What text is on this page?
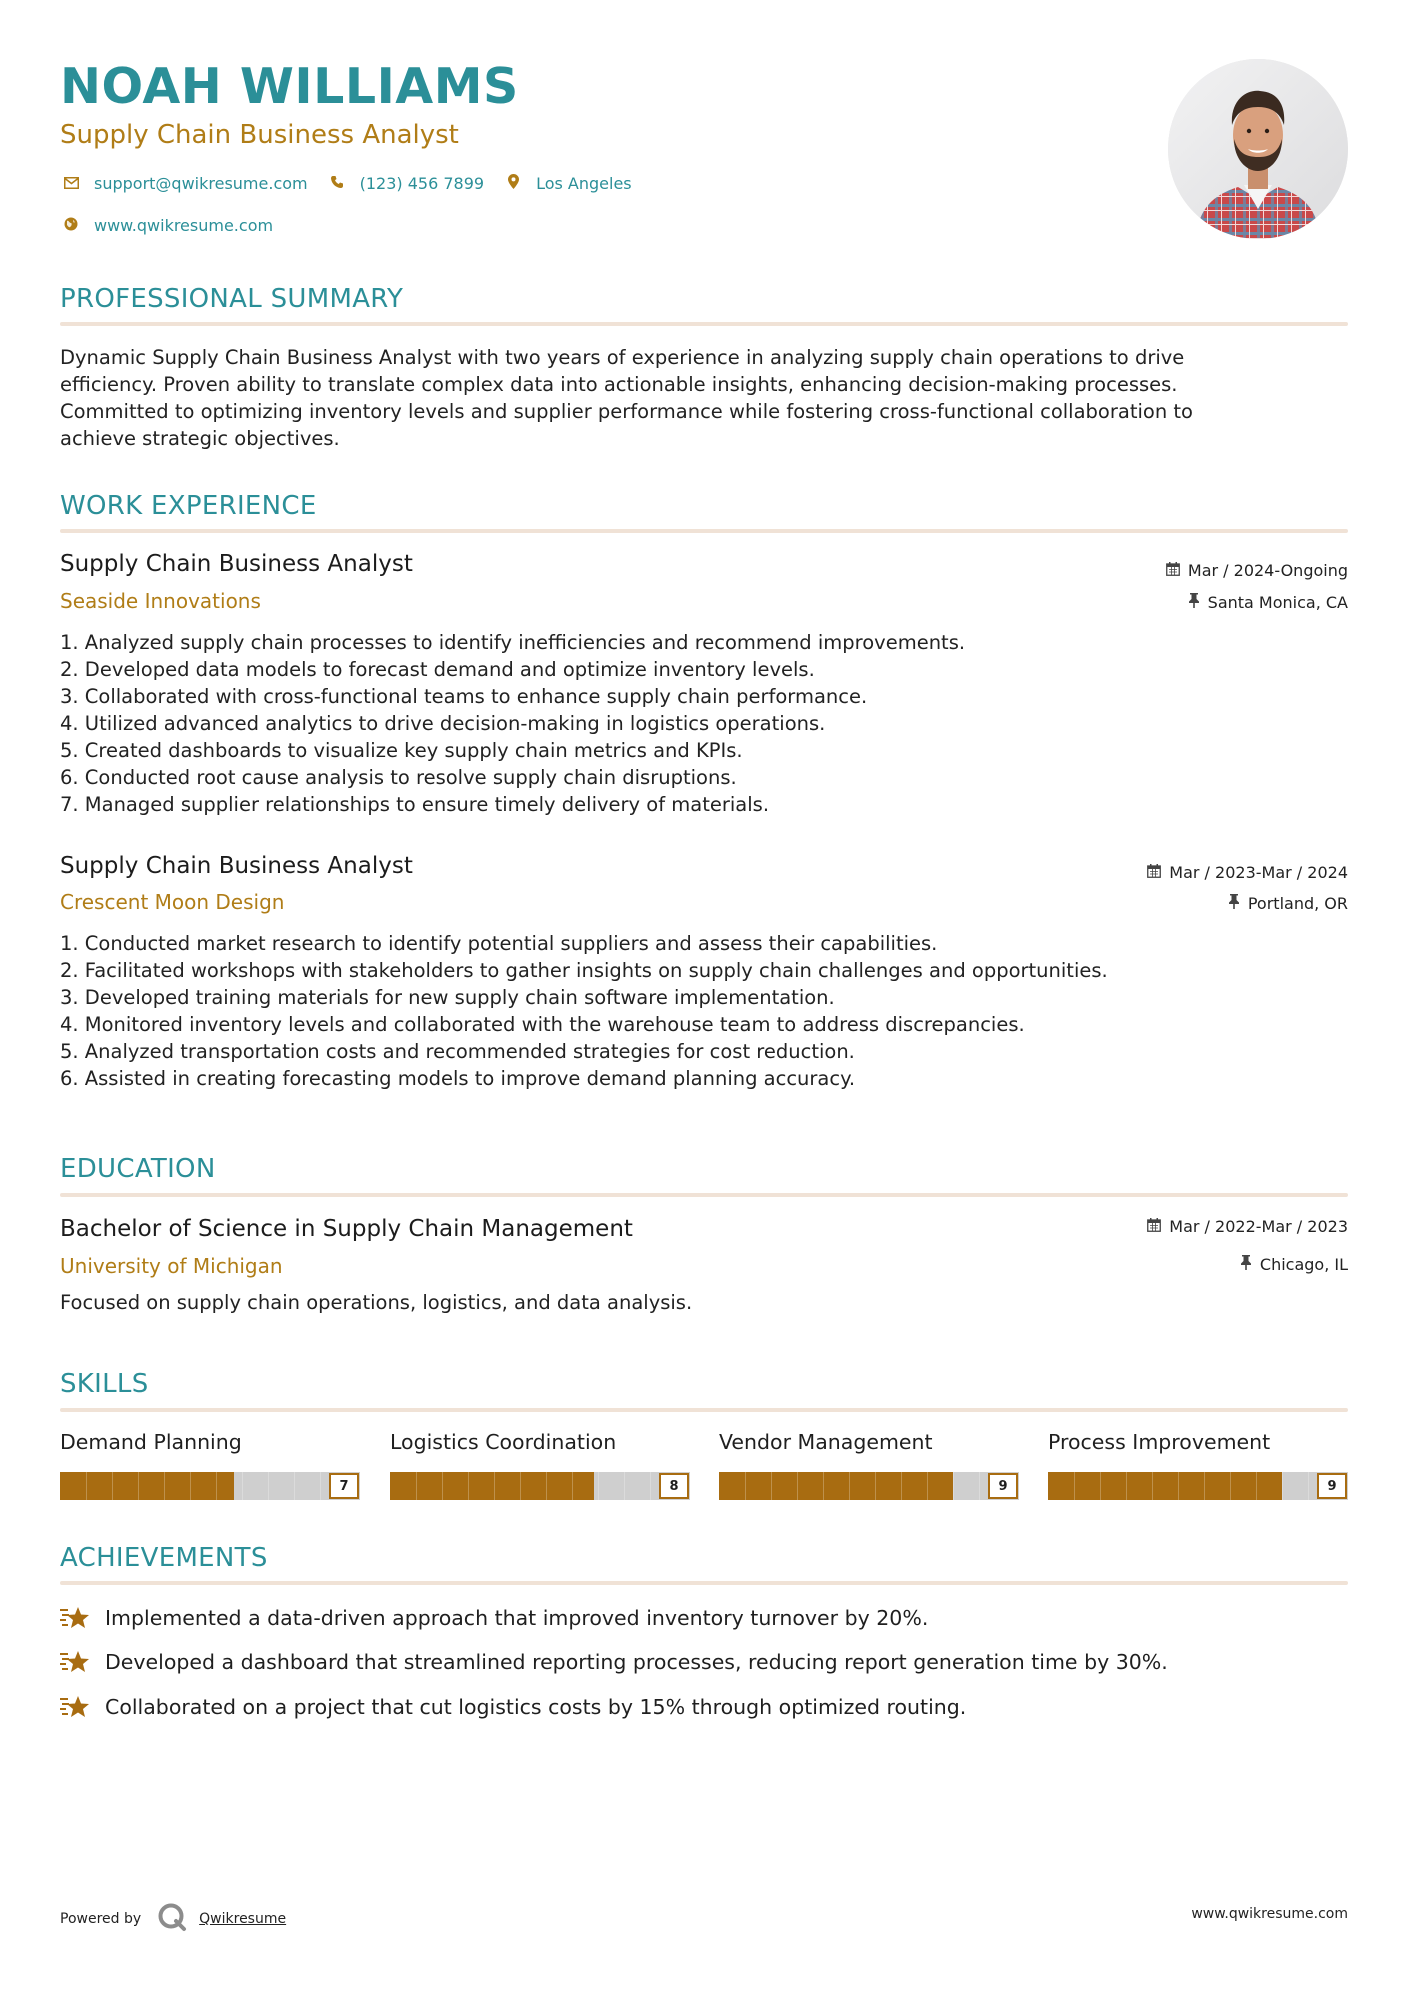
NOAH WILLIAMS
Supply Chain Business Analyst
support@qwikresume.com	(123) 456 7899	Los Angeles
www.qwikresume.com
PROFESSIONAL SUMMARY
Dynamic Supply Chain Business Analyst with two years of experience in analyzing supply chain operations to drive
efficiency. Proven ability to translate complex data into actionable insights, enhancing decision-making processes.
Committed to optimizing inventory levels and supplier performance while fostering cross-functional collaboration to
achieve strategic objectives.
WORK EXPERIENCE
Supply Chain Business Analyst
Seaside Innovations
Mar / 2024-Ongoing
Santa Monica, CA
1. Analyzed supply chain processes to identify inefficiencies and recommend improvements.
2. Developed data models to forecast demand and optimize inventory levels.
3. Collaborated with cross-functional teams to enhance supply chain performance.
4. Utilized advanced analytics to drive decision-making in logistics operations.
5. Created dashboards to visualize key supply chain metrics and KPIs.
6. Conducted root cause analysis to resolve supply chain disruptions.
7. Managed supplier relationships to ensure timely delivery of materials.
Supply Chain Business Analyst
Crescent Moon Design
Mar / 2023-Mar / 2024
Portland, OR
1. Conducted market research to identify potential suppliers and assess their capabilities.
2. Facilitated workshops with stakeholders to gather insights on supply chain challenges and opportunities.
3. Developed training materials for new supply chain software implementation.
4. Monitored inventory levels and collaborated with the warehouse team to address discrepancies.
5. Analyzed transportation costs and recommended strategies for cost reduction.
6. Assisted in creating forecasting models to improve demand planning accuracy.
EDUCATION
Bachelor of Science in Supply Chain Management
University of Michigan
Mar / 2022-Mar / 2023
Chicago, IL
Focused on supply chain operations, logistics, and data analysis.
SKILLS
Demand Planning
7
Logistics Coordination
8
Vendor Management
9
Process Improvement
9
ACHIEVEMENTS
Implemented a data-driven approach that improved inventory turnover by 20%.
Developed a dashboard that streamlined reporting processes, reducing report generation time by 30%.
Collaborated on a project that cut logistics costs by 15% through optimized routing.
Powered by	Qwikresume	www.qwikresume.com
